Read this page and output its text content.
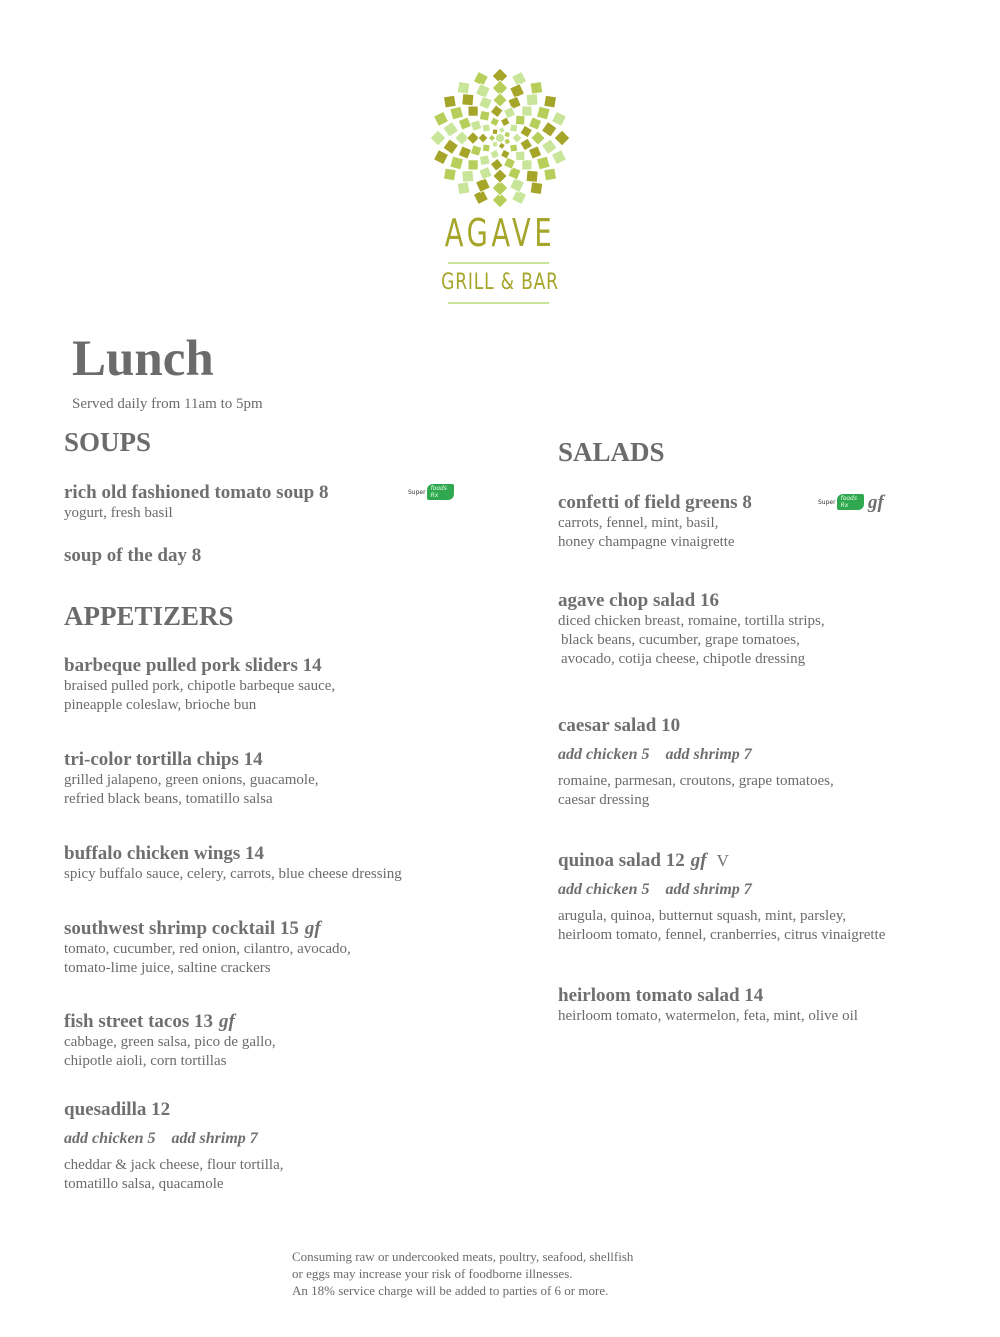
AGAVE
GRILL & BAR
Lunch
Served daily from 11am to 5pm
SOUPS
rich old fashioned tomato soup 8
yogurt, fresh basil
Super foods Rx
soup of the day 8
APPETIZERS
barbeque pulled pork sliders 14
braised pulled pork, chipotle barbeque sauce,
pineapple coleslaw, brioche bun
tri-color tortilla chips 14
grilled jalapeno, green onions, guacamole,
refried black beans, tomatillo salsa
buffalo chicken wings 14
spicy buffalo sauce, celery, carrots, blue cheese dressing
southwest shrimp cocktail 15 gf
tomato, cucumber, red onion, cilantro, avocado,
tomato-lime juice, saltine crackers
fish street tacos 13 gf
cabbage, green salsa, pico de gallo,
chipotle aioli, corn tortillas
quesadilla 12
add chicken 5 add shrimp 7
cheddar & jack cheese, flour tortilla,
tomatillo salsa, quacamole
SALADS
confetti of field greens 8
carrots, fennel, mint, basil,
honey champagne vinaigrette
Super foods Rx	gf
agave chop salad 16
diced chicken breast, romaine, tortilla strips,
black beans, cucumber, grape tomatoes,
avocado, cotija cheese, chipotle dressing
caesar salad 10
add chicken 5 add shrimp 7
romaine, parmesan, croutons, grape tomatoes,
caesar dressing
quinoa salad 12 gf V
add chicken 5 add shrimp 7
arugula, quinoa, butternut squash, mint, parsley,
heirloom tomato, fennel, cranberries, citrus vinaigrette
heirloom tomato salad 14
heirloom tomato, watermelon, feta, mint, olive oil
Consuming raw or undercooked meats, poultry, seafood, shellfish
or eggs may increase your risk of foodborne illnesses.
An 18% service charge will be added to parties of 6 or more.
